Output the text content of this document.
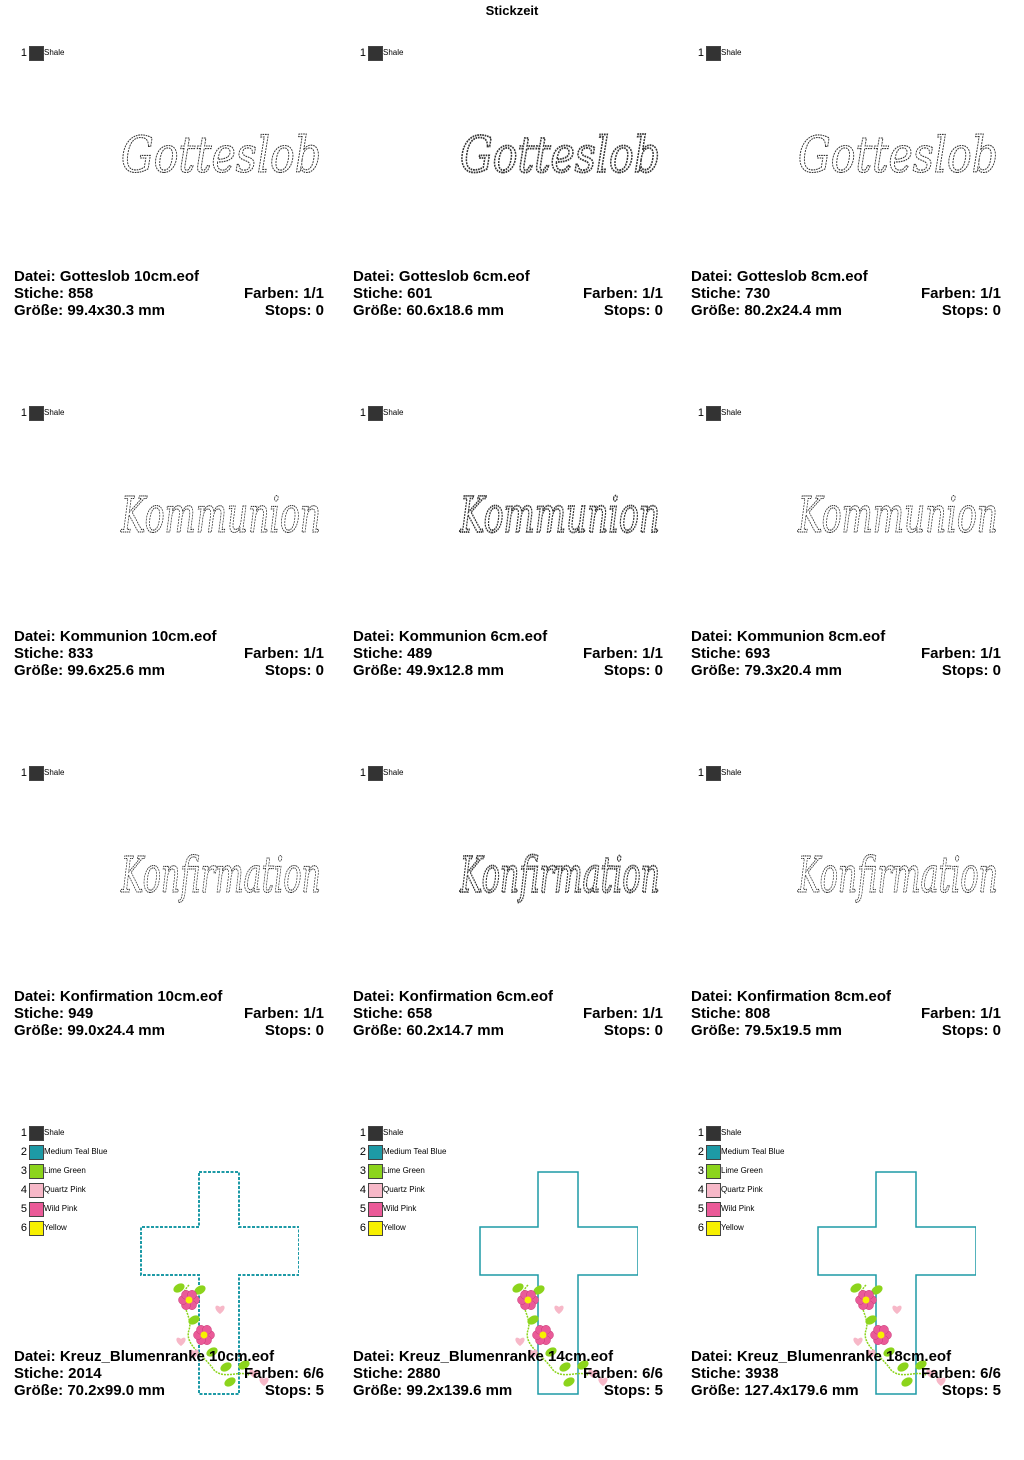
Stickzeit
1 Shale
Gotteslob
Datei: Gotteslob 10cm.eof
Stiche: 858	Farben: 1/1
Größe: 99.4x30.3 mm	Stops: 0
1 Shale
Gotteslob
Datei: Gotteslob 6cm.eof
Stiche: 601	Farben: 1/1
Größe: 60.6x18.6 mm	Stops: 0
1 Shale
Gotteslob
Datei: Gotteslob 8cm.eof
Stiche: 730	Farben: 1/1
Größe: 80.2x24.4 mm	Stops: 0
1 Shale
Kommunion
Datei: Kommunion 10cm.eof
Stiche: 833	Farben: 1/1
Größe: 99.6x25.6 mm	Stops: 0
1 Shale
Kommunion
Datei: Kommunion 6cm.eof
Stiche: 489	Farben: 1/1
Größe: 49.9x12.8 mm	Stops: 0
1 Shale
Kommunion
Datei: Kommunion 8cm.eof
Stiche: 693	Farben: 1/1
Größe: 79.3x20.4 mm	Stops: 0
1 Shale
Konfirmation
Datei: Konfirmation 10cm.eof
Stiche: 949	Farben: 1/1
Größe: 99.0x24.4 mm	Stops: 0
1 Shale
Konfirmation
Datei: Konfirmation 6cm.eof
Stiche: 658	Farben: 1/1
Größe: 60.2x14.7 mm	Stops: 0
1 Shale
Konfirmation
Datei: Konfirmation 8cm.eof
Stiche: 808	Farben: 1/1
Größe: 79.5x19.5 mm	Stops: 0
1 Shale
2 Medium Teal Blue
3 Lime Green
4 Quartz Pink
5 Wild Pink
6 Yellow
Datei: Kreuz_Blumenranke 10cm.eof
Stiche: 2014	Farben: 6/6
Größe: 70.2x99.0 mm	Stops: 5
1 Shale
2 Medium Teal Blue
3 Lime Green
4 Quartz Pink
5 Wild Pink
6 Yellow
Datei: Kreuz_Blumenranke 14cm.eof
Stiche: 2880	Farben: 6/6
Größe: 99.2x139.6 mm	Stops: 5
1 Shale
2 Medium Teal Blue
3 Lime Green
4 Quartz Pink
5 Wild Pink
6 Yellow
Datei: Kreuz_Blumenranke 18cm.eof
Stiche: 3938	Farben: 6/6
Größe: 127.4x179.6 mm	Stops: 5
